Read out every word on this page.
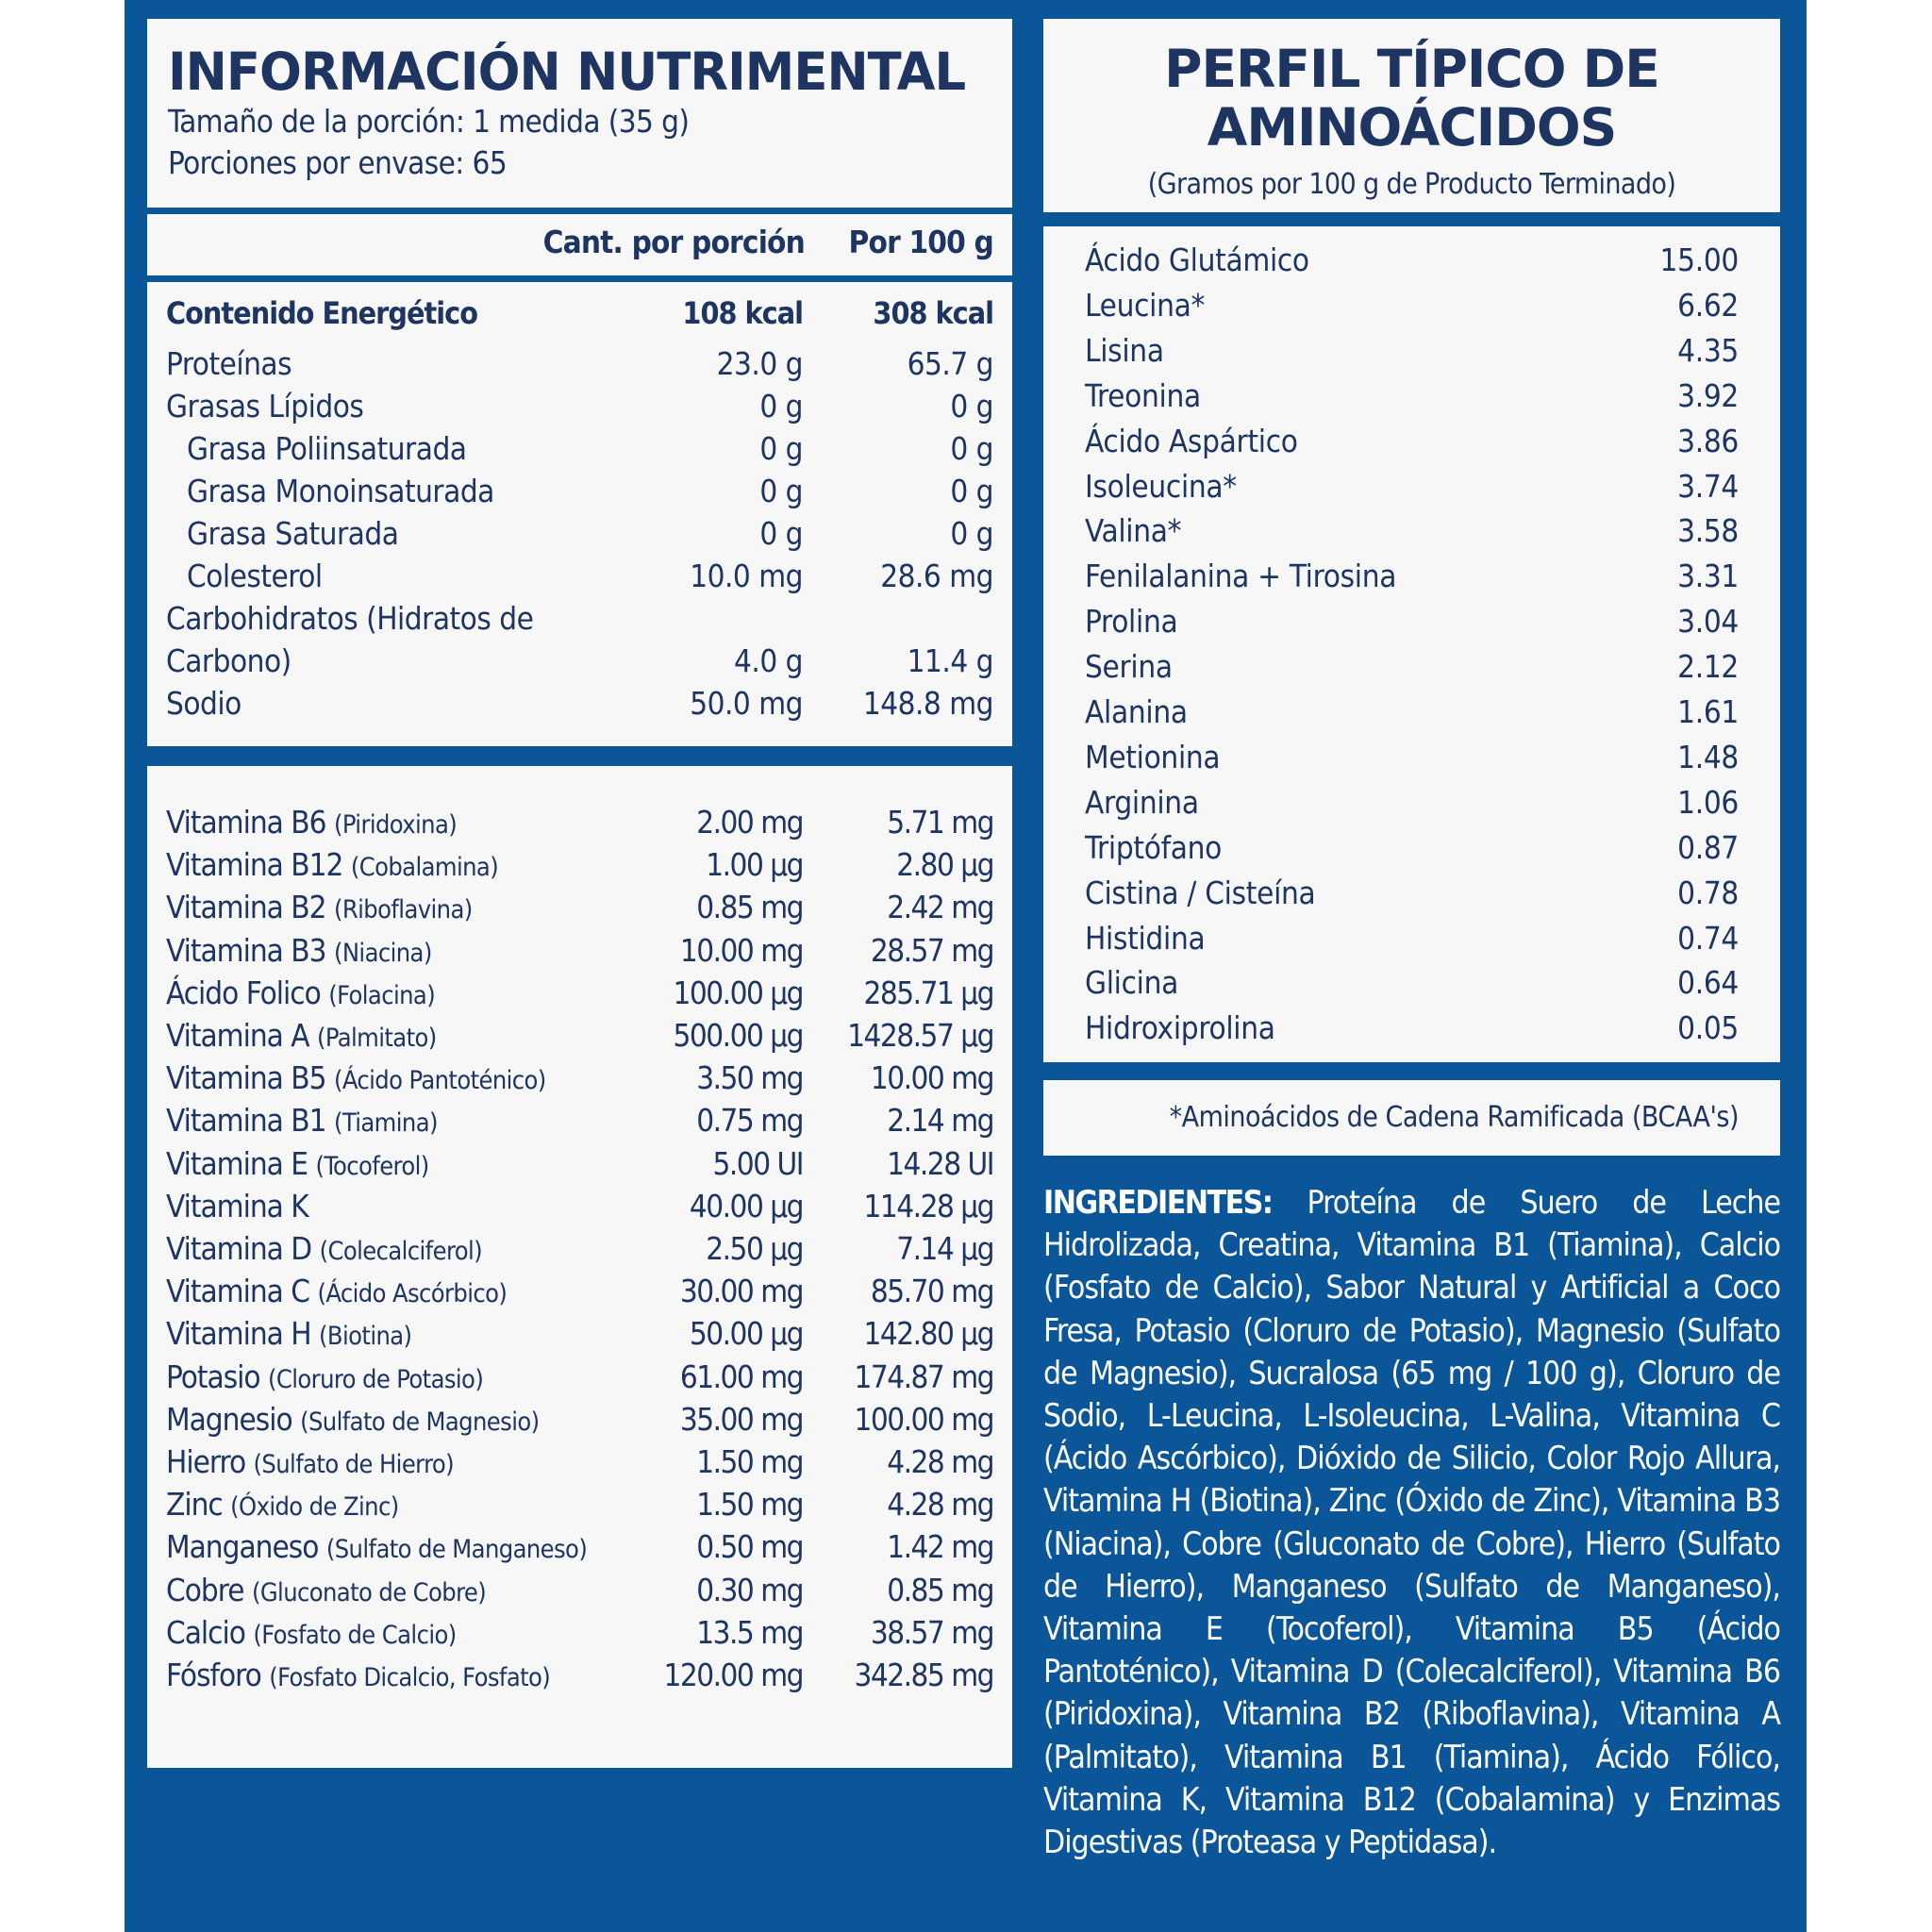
INFORMACIÓN NUTRIMENTAL
Tamaño de la porción: 1 medida (35 g)
Porciones por envase: 65
Cant. por porción Por 100 g
Contenido Energético	108 kcal 308 kcal
Proteínas	23.0 g	65.7 g
Grasas Lípidos	0 g	0 g
Grasa Poliinsaturada	0 g	0 g
Grasa Monoinsaturada	0 g	0 g
Grasa Saturada	0 g	0 g
Colesterol	10.0 mg 28.6 mg
Carbohidratos (Hidratos de
Carbono)	4.0 g	11.4 g
Sodio	50.0 mg 148.8 mg
Vitamina B6 (Piridoxina)	2.00 mg	5.71 mg
Vitamina B12 (Cobalamina)	1.00 µg	2.80 µg
Vitamina B2 (Riboflavina)	0.85 mg	2.42 mg
Vitamina B3 (Niacina)	10.00 mg 28.57 mg
Ácido Folico (Folacina)	100.00 µg 285.71 µg
Vitamina A (Palmitato)	500.00 µg 1428.57 µg
Vitamina B5 (Ácido Pantoténico)	3.50 mg 10.00 mg
Vitamina B1 (Tiamina)	0.75 mg	2.14 mg
Vitamina E (Tocoferol)	5.00 UI	14.28 UI
Vitamina K	40.00 µg 114.28 µg
Vitamina D (Colecalciferol)	2.50 µg	7.14 µg
Vitamina C (Ácido Ascórbico)	30.00 mg 85.70 mg
Vitamina H (Biotina)	50.00 µg 142.80 µg
Potasio (Cloruro de Potasio)	61.00 mg 174.87 mg
Magnesio (Sulfato de Magnesio)	35.00 mg 100.00 mg
Hierro (Sulfato de Hierro)	1.50 mg	4.28 mg
Zinc (Óxido de Zinc)	1.50 mg	4.28 mg
Manganeso (Sulfato de Manganeso)	0.50 mg	1.42 mg
Cobre (Gluconato de Cobre)	0.30 mg	0.85 mg
Calcio (Fosfato de Calcio)	13.5 mg 38.57 mg
Fósforo (Fosfato Dicalcio, Fosfato)	120.00 mg 342.85 mg
PERFIL TÍPICO DE
AMINOÁCIDOS
(Gramos por 100 g de Producto Terminado)
Ácido Glutámico	15.00
Leucina*	6.62
Lisina	4.35
Treonina	3.92
Ácido Aspártico	3.86
Isoleucina*	3.74
Valina*	3.58
Fenilalanina + Tirosina	3.31
Prolina	3.04
Serina	2.12
Alanina	1.61
Metionina	1.48
Arginina	1.06
Triptófano	0.87
Cistina / Cisteína	0.78
Histidina	0.74
Glicina	0.64
Hidroxiprolina	0.05
*Aminoácidos de Cadena Ramificada (BCAA's)
INGREDIENTES: Proteína de Suero de Leche Hidrolizada, Creatina, Vitamina B1 (Tiamina), Calcio (Fosfato de Calcio), Sabor Natural y Artificial a Coco Fresa, Potasio (Cloruro de Potasio), Magnesio (Sulfato de Magnesio), Sucralosa (65 mg / 100 g), Cloruro de Sodio, L-Leucina, L-Isoleucina, L-Valina, Vitamina C (Ácido Ascórbico), Dióxido de Silicio, Color Rojo Allura, Vitamina H (Biotina), Zinc (Óxido de Zinc), Vitamina B3 (Niacina), Cobre (Gluconato de Cobre), Hierro (Sulfato de Hierro), Manganeso (Sulfato de Manganeso), Vitamina E (Tocoferol), Vitamina B5 (Ácido Pantoténico), Vitamina D (Colecalciferol), Vitamina B6 (Piridoxina), Vitamina B2 (Riboflavina), Vitamina A (Palmitato), Vitamina B1 (Tiamina), Ácido Fólico, Vitamina K, Vitamina B12 (Cobalamina) y Enzimas Digestivas (Proteasa y Peptidasa).
